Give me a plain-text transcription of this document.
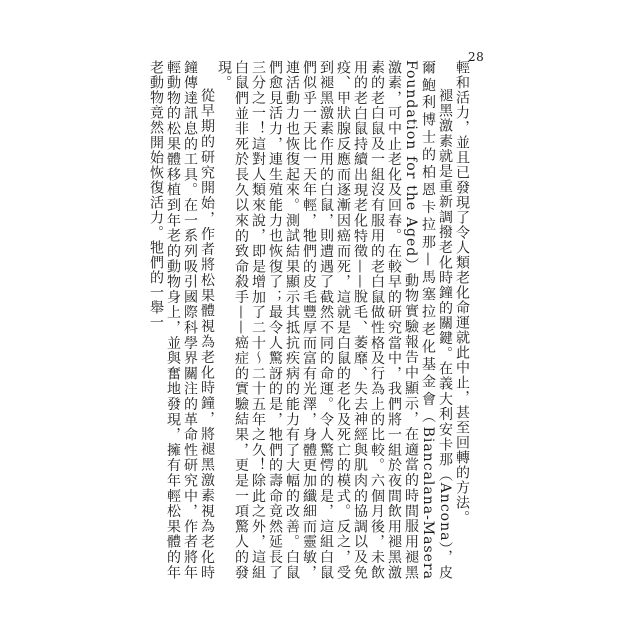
28

輕和活力，並且已發現了令人類老化命運就此中止，甚至回轉的方法。

褪黑激素就是重新調撥老化時鐘的關鍵。在義大利安卡那（Ancona），皮爾鮑利博士的柏恩卡拉那—馬塞拉老化基金會（Biancalana-Masera Foundation for the Aged）動物實驗報告中顯示，在適當的時間服用褪黑激素，可中止老化及回春。在較早的研究當中，我們將一組於夜間飲用褪黑激素的老白鼠及一組沒有服用的老白鼠做性格及行為上的比較。六個月後，未飲用的老白鼠持續出現老化特徵——脫毛、萎靡、失去神經與肌肉的協調以及免疫、甲狀腺反應而逐漸因癌而死，這就是白鼠的老化及死亡的模式。反之，受到褪黑激素作用的白鼠，則遭遇了截然不同的命運。令人驚愕的是，這組白鼠們似乎一天比一天年輕，牠們的皮毛豐厚而富有光澤，身體更加纖細而靈敏，連活動力也恢復起來。測試結果顯示其抵抗疾病的能力有了大幅的改善。白鼠們愈見活力，連生殖能力也恢復了；最令人驚訝的是，牠們的壽命竟然延長了三分之一！這對人類來說，即是增加了二十～二十五年之久！除此之外，這組白鼠們並非死於長久以來的致命殺手——癌症的實驗結果，更是一項驚人的發現。

從早期的研究開始，作者將松果體視為老化時鐘，將褪黑激素視為老化時鐘傳達訊息的工具。在一系列吸引國際科學界關注的革命性研究中，作者將年輕動物的松果體移植到年老的動物身上，並與奮地發現，擁有年輕松果體的年老動物竟然開始恢復活力。牠們的一舉一
